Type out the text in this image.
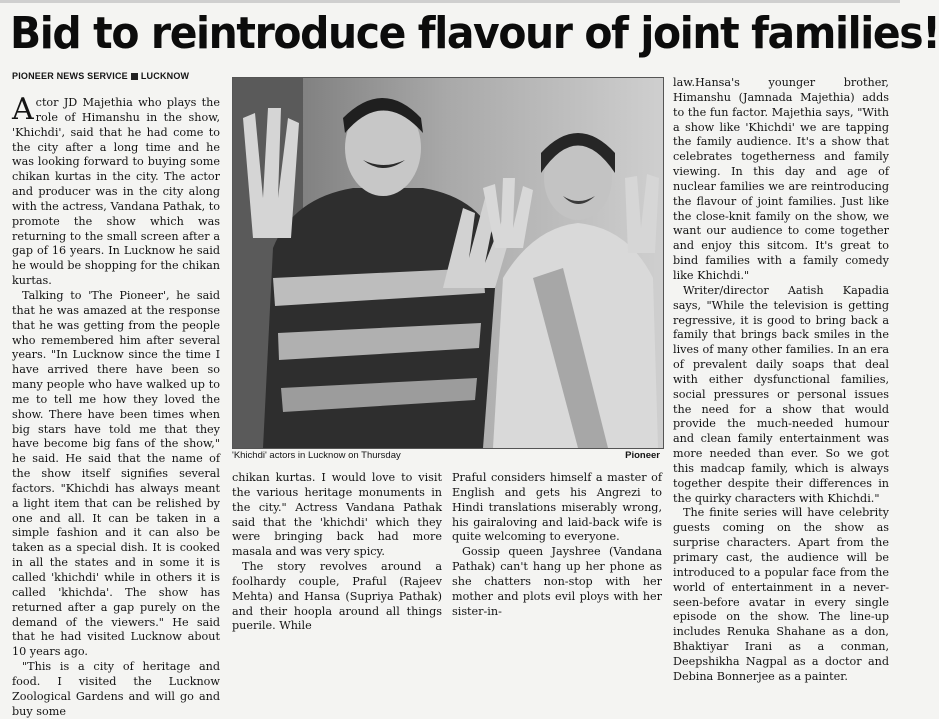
Bid to reintroduce flavour of joint families!
PIONEER NEWS SERVICE LUCKNOW

Actor JD Majethia who plays the role of Himanshu in the show, 'Khichdi', said that he had come to the city after a long time and he was looking forward to buying some chikan kurtas in the city. The actor and producer was in the city along with the actress, Vandana Pathak, to promote the show which was returning to the small screen after a gap of 16 years. In Lucknow he said he would be shopping for the chikan kurtas.

Talking to 'The Pioneer', he said that he was amazed at the response that he was getting from the people who remembered him after several years. "In Lucknow since the time I have arrived there have been so many people who have walked up to me to tell me how they loved the show. There have been times when big stars have told me that they have become big fans of the show," he said. He said that the name of the show itself signifies several factors. "Khichdi has always meant a light item that can be relished by one and all. It can be taken in a simple fashion and it can also be taken as a special dish. It is cooked in all the states and in some it is called 'khichdi' while in others it is called 'khichda'. The show has returned after a gap purely on the demand of the viewers." He said that he had visited Lucknow about 10 years ago.

"This is a city of heritage and food. I visited the Lucknow Zoological Gardens and will go and buy some

'Khichdi' actors in Lucknow on Thursday	Pioneer

chikan kurtas. I would love to visit the various heritage monuments in the city." Actress Vandana Pathak said that the 'khichdi' which they were bringing back had more masala and was very spicy.

The story revolves around a foolhardy couple, Praful (Rajeev Mehta) and Hansa (Supriya Pathak) and their hoopla around all things puerile. While

Praful considers himself a master of English and gets his Angrezi to Hindi translations miserably wrong, his gairaloving and laid-back wife is quite welcoming to everyone.

Gossip queen Jayshree (Vandana Pathak) can't hang up her phone as she chatters non-stop with her mother and plots evil ploys with her sister-in-

law.Hansa's younger brother, Himanshu (Jamnada Majethia) adds to the fun factor. Majethia says, "With a show like 'Khichdi' we are tapping the family audience. It's a show that celebrates togetherness and family viewing. In this day and age of nuclear families we are reintroducing the flavour of joint families. Just like the close-knit family on the show, we want our audience to come together and enjoy this sitcom. It's great to bind families with a family comedy like Khichdi."

Writer/director Aatish Kapadia says, "While the television is getting regressive, it is good to bring back a family that brings back smiles in the lives of many other families. In an era of prevalent daily soaps that deal with either dysfunctional families, social pressures or personal issues the need for a show that would provide the much-needed humour and clean family entertainment was more needed than ever. So we got this madcap family, which is always together despite their differences in the quirky characters with Khichdi."

The finite series will have celebrity guests coming on the show as surprise characters. Apart from the primary cast, the audience will be introduced to a popular face from the world of entertainment in a never-seen-before avatar in every single episode on the show. The line-up includes Renuka Shahane as a don, Bhaktiyar Irani as a conman, Deepshikha Nagpal as a doctor and Debina Bonnerjee as a painter.
